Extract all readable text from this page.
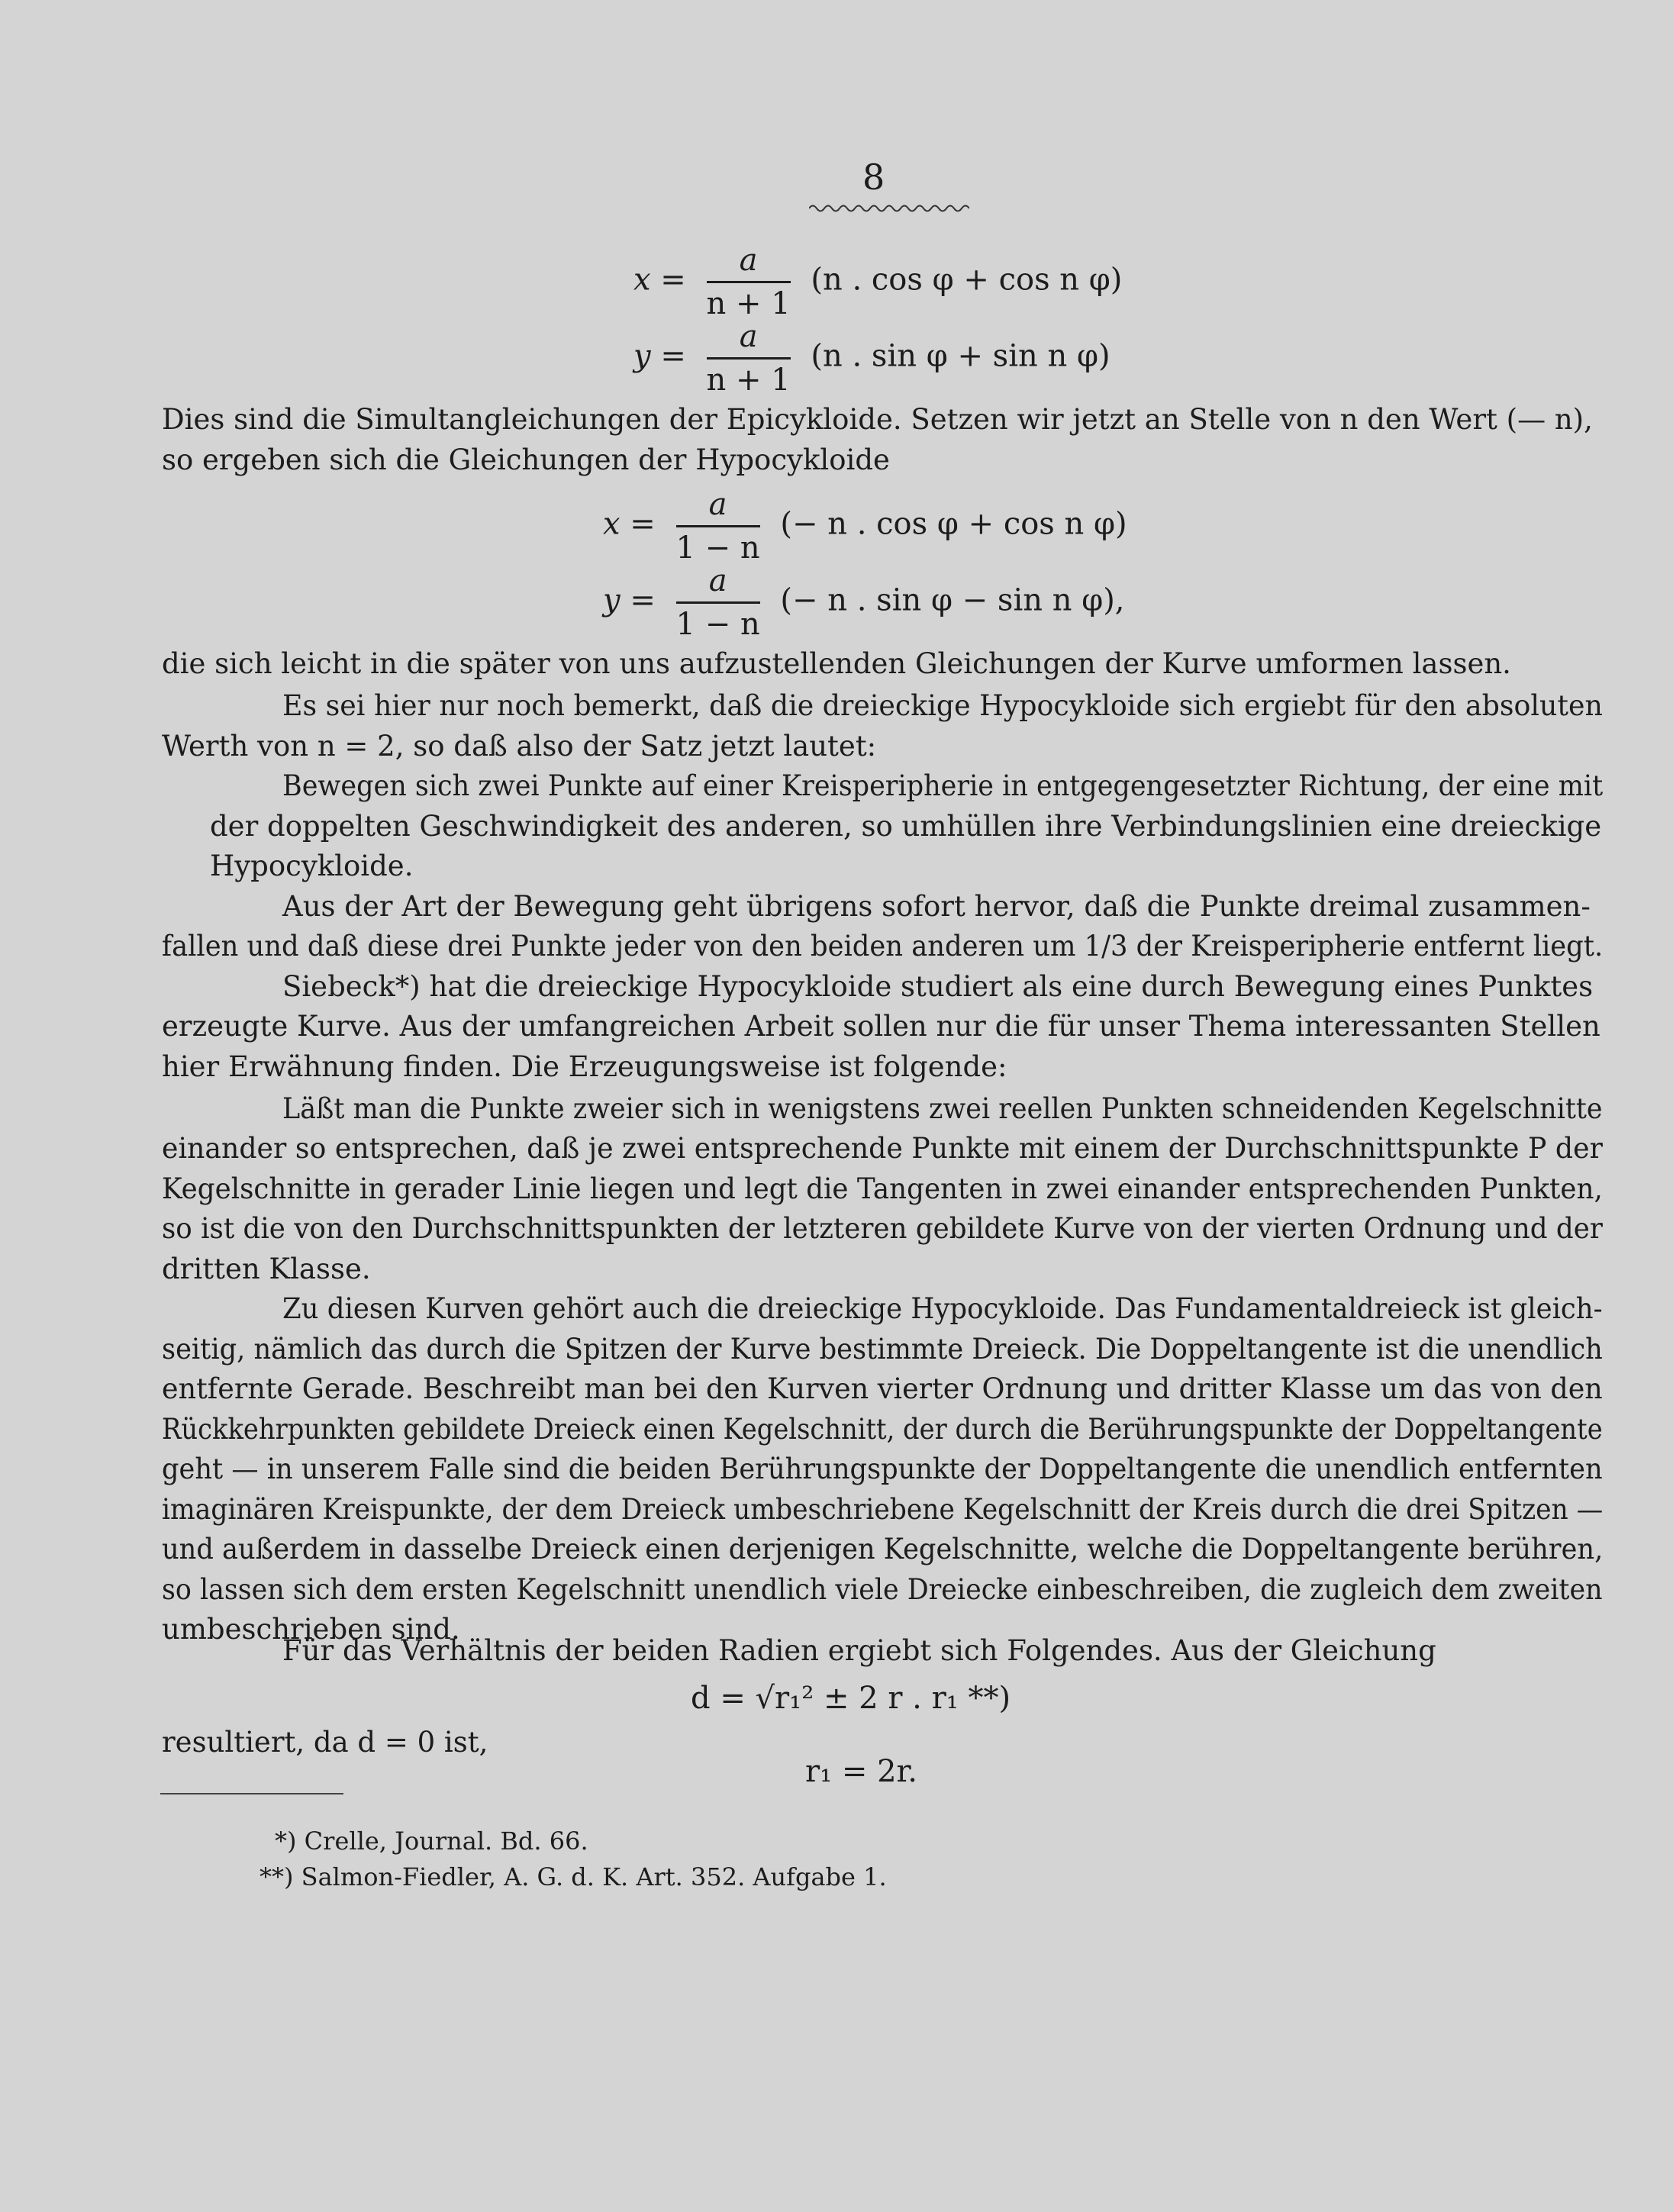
8
$x = \frac{a}{n + 1} (n$ . cos φ + cos n φ)
$y = \frac{a}{n + 1} (n$ . sin φ + sin n φ)
Dies sind die Simultangleichungen der Epicykloide. Setzen wir jetzt an Stelle von n den Wert (— n),
so ergeben sich die Gleichungen der Hypocykloide
$x = \frac{a}{1 - n}$ (− n . cos φ + cos n φ)
$y = \frac{a}{1 - n}$ (− n . sin φ − sin n φ),
die sich leicht in die später von uns aufzustellenden Gleichungen der Kurve umformen lassen.
Es sei hier nur noch bemerkt, daß die dreieckige Hypocykloide sich ergiebt für den absoluten
Werth von n = 2, so daß also der Satz jetzt lautet:
Bewegen sich zwei Punkte auf einer Kreisperipherie in entgegengesetzter Richtung, der eine mit
der doppelten Geschwindigkeit des anderen, so umhüllen ihre Verbindungslinien eine dreieckige
Hypocykloide.
Aus der Art der Bewegung geht übrigens sofort hervor, daß die Punkte dreimal zusammen-
fallen und daß diese drei Punkte jeder von den beiden anderen um 1/3 der Kreisperipherie entfernt liegt.
Siebeck*) hat die dreieckige Hypocykloide studiert als eine durch Bewegung eines Punktes
erzeugte Kurve. Aus der umfangreichen Arbeit sollen nur die für unser Thema interessanten Stellen
hier Erwähnung finden. Die Erzeugungsweise ist folgende:
Läßt man die Punkte zweier sich in wenigstens zwei reellen Punkten schneidenden Kegelschnitte
einander so entsprechen, daß je zwei entsprechende Punkte mit einem der Durchschnittspunkte P der
Kegelschnitte in gerader Linie liegen und legt die Tangenten in zwei einander entsprechenden Punkten,
so ist die von den Durchschnittspunkten der letzteren gebildete Kurve von der vierten Ordnung und der
dritten Klasse.
Zu diesen Kurven gehört auch die dreieckige Hypocykloide. Das Fundamentaldreieck ist gleich-
seitig, nämlich das durch die Spitzen der Kurve bestimmte Dreieck. Die Doppeltangente ist die unendlich
entfernte Gerade. Beschreibt man bei den Kurven vierter Ordnung und dritter Klasse um das von den
Rückkehrpunkten gebildete Dreieck einen Kegelschnitt, der durch die Berührungspunkte der Doppeltangente
geht — in unserem Falle sind die beiden Berührungspunkte der Doppeltangente die unendlich entfernten
imaginären Kreispunkte, der dem Dreieck umbeschriebene Kegelschnitt der Kreis durch die drei Spitzen —
und außerdem in dasselbe Dreieck einen derjenigen Kegelschnitte, welche die Doppeltangente berühren,
so lassen sich dem ersten Kegelschnitt unendlich viele Dreiecke einbeschreiben, die zugleich dem zweiten
umbeschrieben sind.
Für das Verhältnis der beiden Radien ergiebt sich Folgendes. Aus der Gleichung
d = √r₁² ± 2 r . r₁ **)
resultiert, da d = 0 ist,
r₁ = 2r.
*) Crelle, Journal. Bd. 66.
**) Salmon-Fiedler, A. G. d. K. Art. 352. Aufgabe 1.
